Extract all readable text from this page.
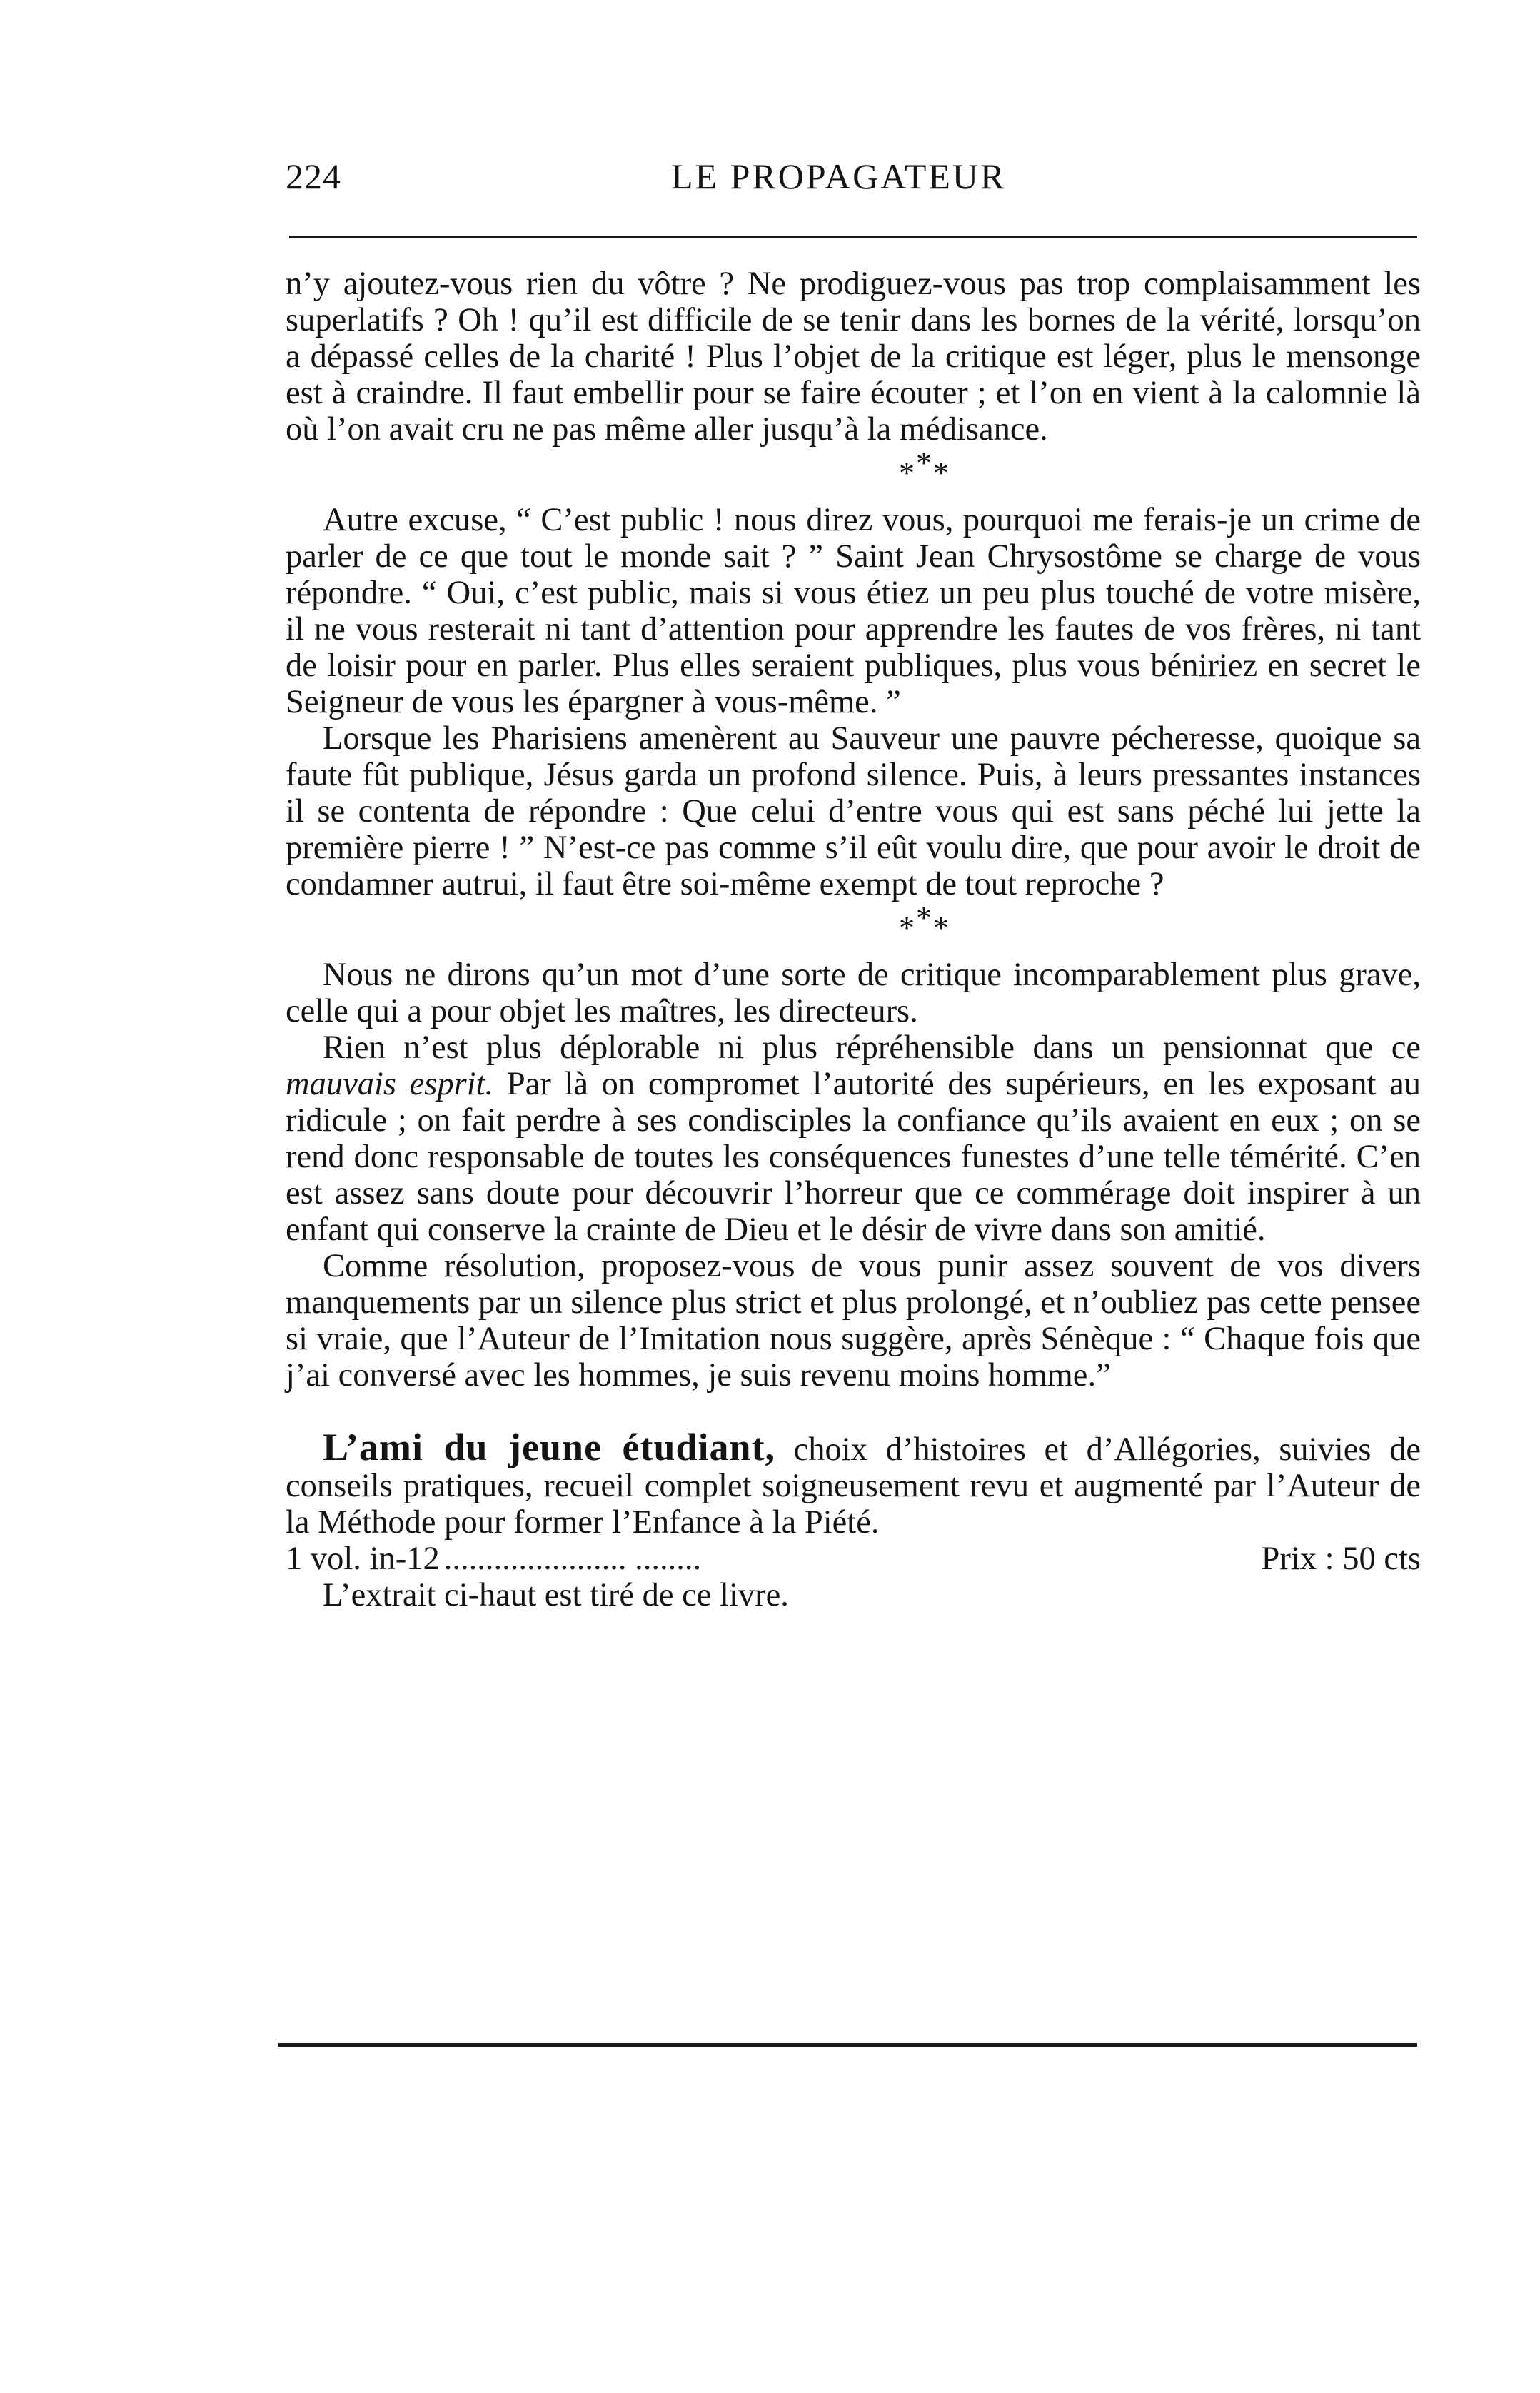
224	LE PROPAGATEUR

n’y ajoutez-vous rien du vôtre ? Ne prodiguez-vous pas trop complaisamment les superlatifs ? Oh ! qu’il est difficile de se tenir dans les bornes de la vérité, lorsqu’on a dépassé celles de la charité ! Plus l’objet de la critique est léger, plus le mensonge est à craindre. Il faut embellir pour se faire écouter ; et l’on en vient à la calomnie là où l’on avait cru ne pas même aller jusqu’à la médisance.

***

Autre excuse, “ C’est public ! nous direz vous, pourquoi me ferais-je un crime de parler de ce que tout le monde sait ? ” Saint Jean Chrysostôme se charge de vous répondre. “ Oui, c’est public, mais si vous étiez un peu plus touché de votre misère, il ne vous resterait ni tant d’attention pour apprendre les fautes de vos frères, ni tant de loisir pour en parler. Plus elles seraient publiques, plus vous béniriez en secret le Seigneur de vous les épargner à vous-même. ”

Lorsque les Pharisiens amenèrent au Sauveur une pauvre pécheresse, quoique sa faute fût publique, Jésus garda un profond silence. Puis, à leurs pressantes instances il se contenta de répondre : Que celui d’entre vous qui est sans péché lui jette la première pierre ! ” N’est-ce pas comme s’il eût voulu dire, que pour avoir le droit de condamner autrui, il faut être soi-même exempt de tout reproche ?

***

Nous ne dirons qu’un mot d’une sorte de critique incomparablement plus grave, celle qui a pour objet les maîtres, les directeurs.

Rien n’est plus déplorable ni plus répréhensible dans un pensionnat que ce mauvais esprit. Par là on compromet l’autorité des supérieurs, en les exposant au ridicule ; on fait perdre à ses condisciples la confiance qu’ils avaient en eux ; on se rend donc responsable de toutes les conséquences funestes d’une telle témérité. C’en est assez sans doute pour découvrir l’horreur que ce commérage doit inspirer à un enfant qui conserve la crainte de Dieu et le désir de vivre dans son amitié.

Comme résolution, proposez-vous de vous punir assez souvent de vos divers manquements par un silence plus strict et plus prolongé, et n’oubliez pas cette pensee si vraie, que l’Auteur de l’Imitation nous suggère, après Sénèque : “ Chaque fois que j’ai conversé avec les hommes, je suis revenu moins homme.”

L’ami du jeune étudiant, choix d’histoires et d’Allégories, suivies de conseils pratiques, recueil complet soigneusement revu et augmenté par l’Auteur de la Méthode pour former l’Enfance à la Piété.

1 vol. in-12 ...................... ........	Prix : 50 cts

L’extrait ci-haut est tiré de ce livre.
